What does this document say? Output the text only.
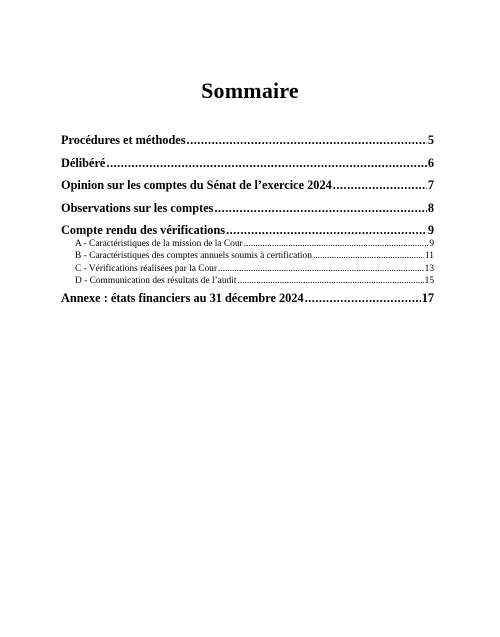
Sommaire
Procédures et méthodes .....	5
Délibéré .....	6
Opinion sur les comptes du Sénat de l’exercice 2024 .....	7
Observations sur les comptes .....	8
Compte rendu des vérifications .....	9
A - Caractéristiques de la mission de la Cour .....	9
B - Caractéristiques des comptes annuels soumis à certification .....	11
C - Vérifications réalisées par la Cour .....	13
D - Communication des résultats de l’audit .....	15
Annexe : états financiers au 31 décembre 2024 .....	17
